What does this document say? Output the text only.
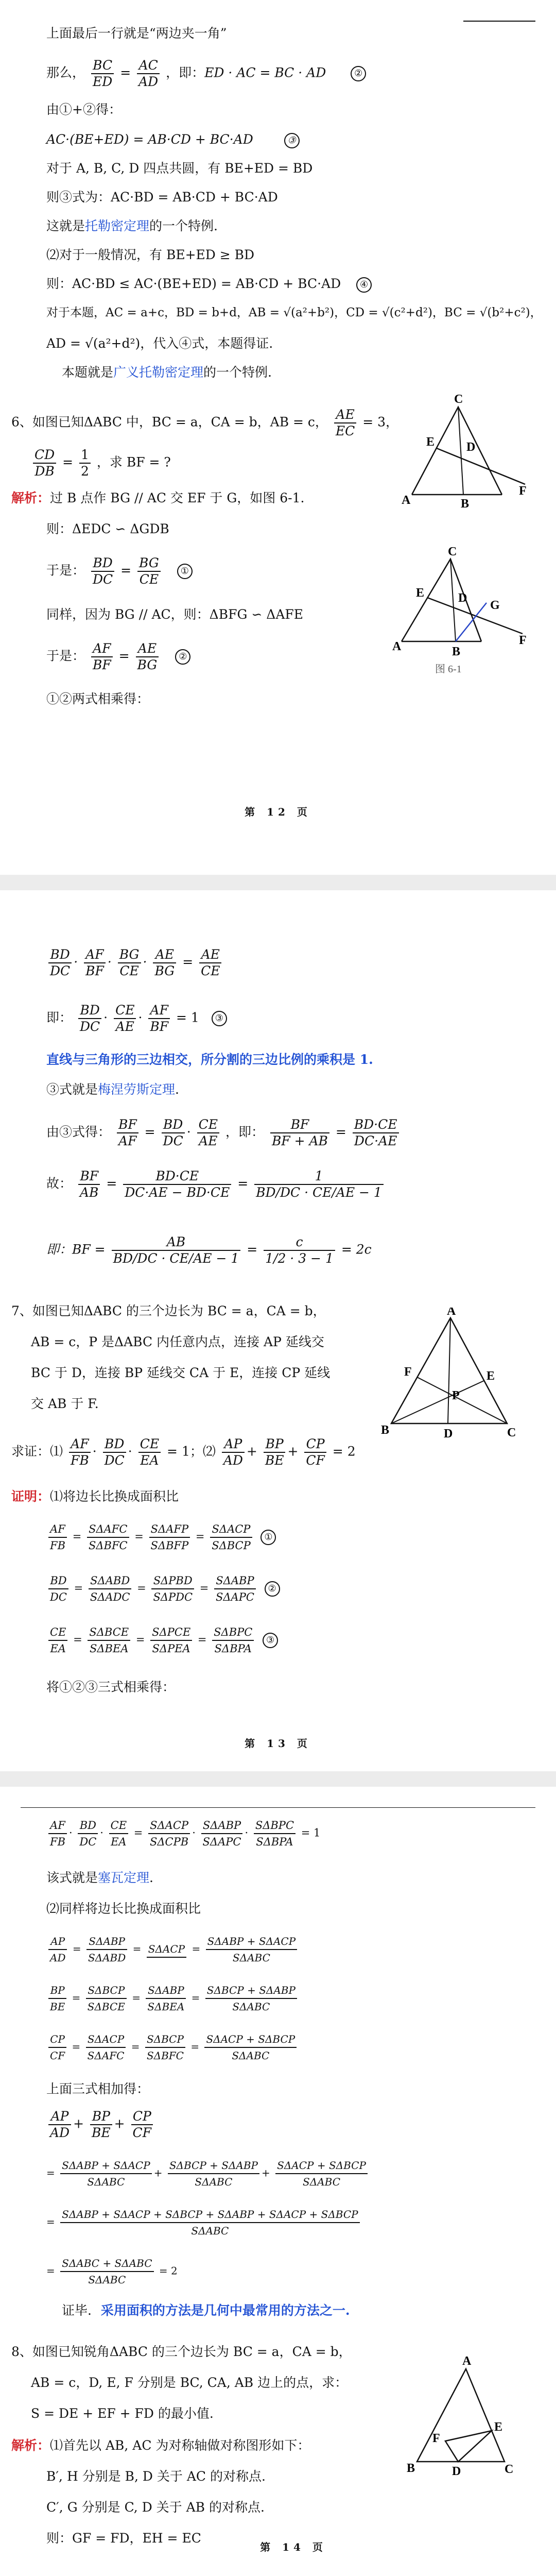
上面最后一行就是“两边夹一角”
那么， $\frac{BC}{ED} = \frac{AC}{AD}$ ，即：ED · AC = BC · AD	②
由①+②得：
AC·(BE+ED) = AB·CD + BC·AD	③
对于 A, B, C, D 四点共圆，有 BE+ED = BD
则③式为：AC·BD = AB·CD + BC·AD
这就是托勒密定理的一个特例.
⑵对于一般情况，有 BE+ED ≥ BD
则：AC·BD ≤ AC·(BE+ED) = AB·CD + BC·AD ④
对于本题，AC = a+c，BD = b+d，AB = √(a²+b²)，CD = √(c²+d²)，BC = √(b²+c²)，
AD = √(a²+d²)，代入④式，本题得证.
本题就是广义托勒密定理的一个特例.
6、如图已知ΔABC 中，BC = a，CA = b，AB = c， $\frac{AE}{EC} = 3$，
$\frac{CD}{DB} = \frac{1}{2}$ ，求 BF = ?
A	B
C
E	D
F
解析：过 B 点作 BG // AC 交 EF 于 G，如图 6-1.
则：ΔEDC ∽ ΔGDB
于是： $\frac{BD}{DC} = \frac{BG}{CE}$ ①
同样，因为 BG // AC，则：ΔBFG ∽ ΔAFE
于是： $\frac{AF}{BF} = \frac{AE}{BG}$ ②
①②两式相乘得：
A	B
C
E	D
G
F
图 6-1
第 12 页
$\frac{BD}{DC} \cdot \frac{AF}{BF} \cdot \frac{BG}{CE} \cdot \frac{AE}{BG} = \frac{AE}{CE}$
即： $\frac{BD}{DC} \cdot \frac{CE}{AE} \cdot \frac{AF}{BF} = 1$ ③
直线与三角形的三边相交，所分割的三边比例的乘积是 1.
③式就是梅涅劳斯定理.
由③式得： $\frac{BF}{AF} = \frac{BD}{DC} \cdot \frac{CE}{AE}$ ，即： $\frac{BF}{BF + AB} = \frac{BD\cdot CE}{DC\cdot AE}$
故： $\frac{BF}{AB} = \frac{BD\cdot CE}{DC\cdot AE - BD\cdot CE} = \frac{1}{BD/DC \cdot CE/AE - 1}$
即：BF = $\frac{AB}{BD/DC \cdot CE/AE - 1} = \frac{c}{1/2 \cdot 3 - 1} = 2c$
7、如图已知ΔABC 的三个边长为 BC = a，CA = b，
AB = c，P 是ΔABC 内任意内点，连接 AP 延线交
BC 于 D，连接 BP 延线交 CA 于 E，连接 CP 延线
交 AB 于 F.
A
B	C
D
E
F
P
求证：⑴ $\frac{AF}{FB} \cdot \frac{BD}{DC} \cdot \frac{CE}{EA} = 1$；⑵ $\frac{AP}{AD} + \frac{BP}{BE} + \frac{CP}{CF} = 2$
证明：⑴将边长比换成面积比
$\frac{AF}{FB} = \frac{\text{SΔAFC}}{\text{SΔBFC}} = \frac{\text{SΔAFP}}{\text{SΔBFP}} = \frac{\text{SΔACP}}{\text{SΔBCP}}$ ①
$\frac{BD}{DC} = \frac{\text{SΔABD}}{\text{SΔADC}} = \frac{\text{SΔPBD}}{\text{SΔPDC}} = \frac{\text{SΔABP}}{\text{SΔAPC}}$ ②
$\frac{CE}{EA} = \frac{\text{SΔBCE}}{\text{SΔBEA}} = \frac{\text{SΔPCE}}{\text{SΔPEA}} = \frac{\text{SΔBPC}}{\text{SΔBPA}}$ ③
将①②③三式相乘得：
第 13 页
$\frac{AF}{FB} \cdot \frac{BD}{DC} \cdot \frac{CE}{EA} = \frac{\text{SΔACP}}{\text{SΔCPB}} \cdot \frac{\text{SΔABP}}{\text{SΔAPC}} \cdot \frac{\text{SΔBPC}}{\text{SΔBPA}} = 1$
该式就是塞瓦定理.
⑵同样将边长比换成面积比
$\frac{AP}{AD} = \frac{\text{SΔABP}}{\text{SΔABD}} = S\Delta ACP = \frac{\text{SΔABP + SΔACP}}{\text{SΔABC}}$
$\frac{BP}{BE} = \frac{\text{SΔBCP}}{\text{SΔBCE}} = \frac{\text{SΔABP}}{\text{SΔBEA}} = \frac{\text{SΔBCP + SΔABP}}{\text{SΔABC}}$
$\frac{CP}{CF} = \frac{\text{SΔACP}}{\text{SΔAFC}} = \frac{\text{SΔBCP}}{\text{SΔBFC}} = \frac{\text{SΔACP + SΔBCP}}{\text{SΔABC}}$
上面三式相加得：
$\frac{AP}{AD} + \frac{BP}{BE} + \frac{CP}{CF}$
= $\frac{\text{SΔABP + SΔACP}}{\text{SΔABC}} + \frac{\text{SΔBCP + SΔABP}}{\text{SΔABC}} + \frac{\text{SΔACP + SΔBCP}}{\text{SΔABC}}$
= $\frac{\text{SΔABP + SΔACP + SΔBCP + SΔABP + SΔACP + SΔBCP}}{\text{SΔABC}}$
= $\frac{\text{SΔABC + SΔABC}}{\text{SΔABC}} = 2$
证毕. 采用面积的方法是几何中最常用的方法之一.
8、如图已知锐角ΔABC 的三个边长为 BC = a，CA = b，
AB = c，D, E, F 分别是 BC, CA, AB 边上的点，求：
S = DE + EF + FD 的最小值.
A
B	C
D
E
F
解析：⑴首先以 AB, AC 为对称轴做对称图形如下：
B′, H 分别是 B, D 关于 AC 的对称点.
C′, G 分别是 C, D 关于 AB 的对称点.
则：GF = FD，EH = EC
第 14 页
